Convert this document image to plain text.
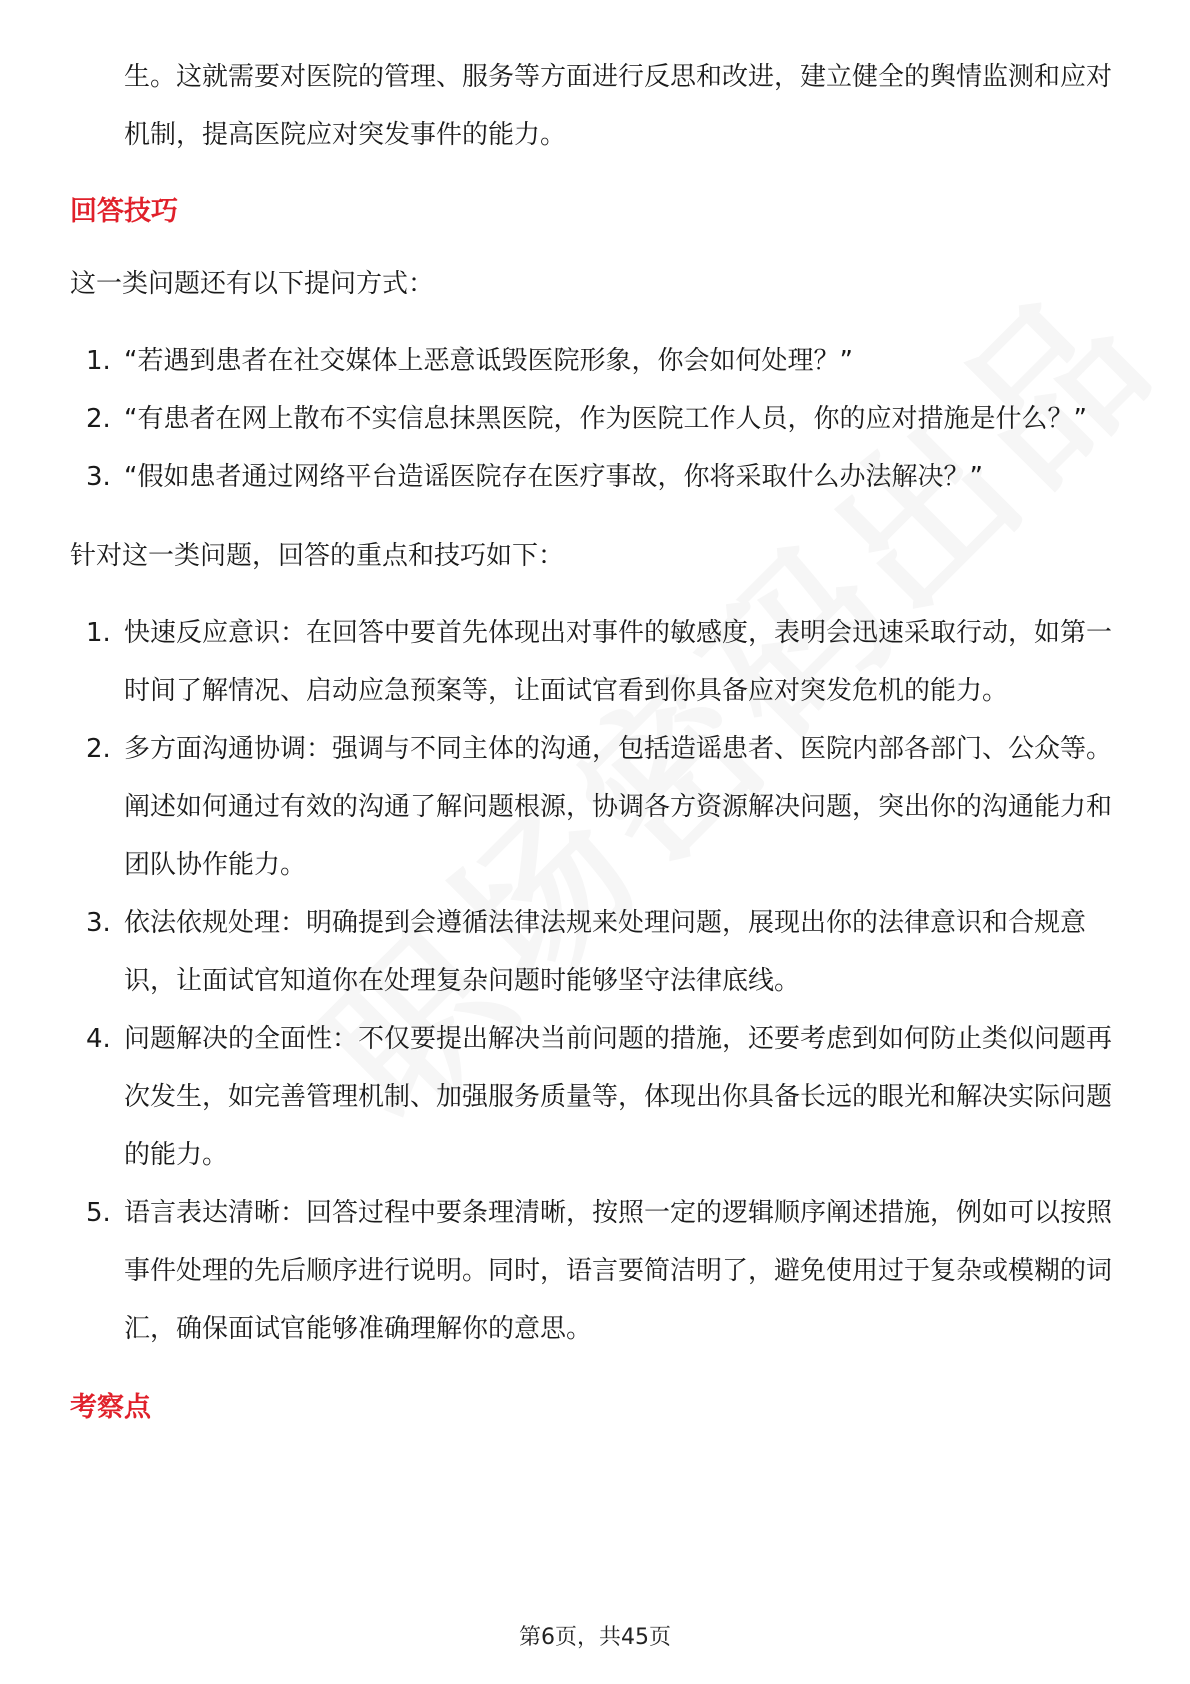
生。这就需要对医院的管理、服务等方面进行反思和改进，建立健全的舆情监测和应对机制，提高医院应对突发事件的能力。

回答技巧

这一类问题还有以下提问方式：

1. “若遇到患者在社交媒体上恶意诋毁医院形象，你会如何处理？”
2. “有患者在网上散布不实信息抹黑医院，作为医院工作人员，你的应对措施是什么？”
3. “假如患者通过网络平台造谣医院存在医疗事故，你将采取什么办法解决？”

针对这一类问题，回答的重点和技巧如下：

1. 快速反应意识：在回答中要首先体现出对事件的敏感度，表明会迅速采取行动，如第一时间了解情况、启动应急预案等，让面试官看到你具备应对突发危机的能力。
2. 多方面沟通协调：强调与不同主体的沟通，包括造谣患者、医院内部各部门、公众等。阐述如何通过有效的沟通了解问题根源，协调各方资源解决问题，突出你的沟通能力和团队协作能力。
3. 依法依规处理：明确提到会遵循法律法规来处理问题，展现出你的法律意识和合规意识，让面试官知道你在处理复杂问题时能够坚守法律底线。
4. 问题解决的全面性：不仅要提出解决当前问题的措施，还要考虑到如何防止类似问题再次发生，如完善管理机制、加强服务质量等，体现出你具备长远的眼光和解决实际问题的能力。
5. 语言表达清晰：回答过程中要条理清晰，按照一定的逻辑顺序阐述措施，例如可以按照事件处理的先后顺序进行说明。同时，语言要简洁明了，避免使用过于复杂或模糊的词汇，确保面试官能够准确理解你的意思。
考察点
第6页，共45页
